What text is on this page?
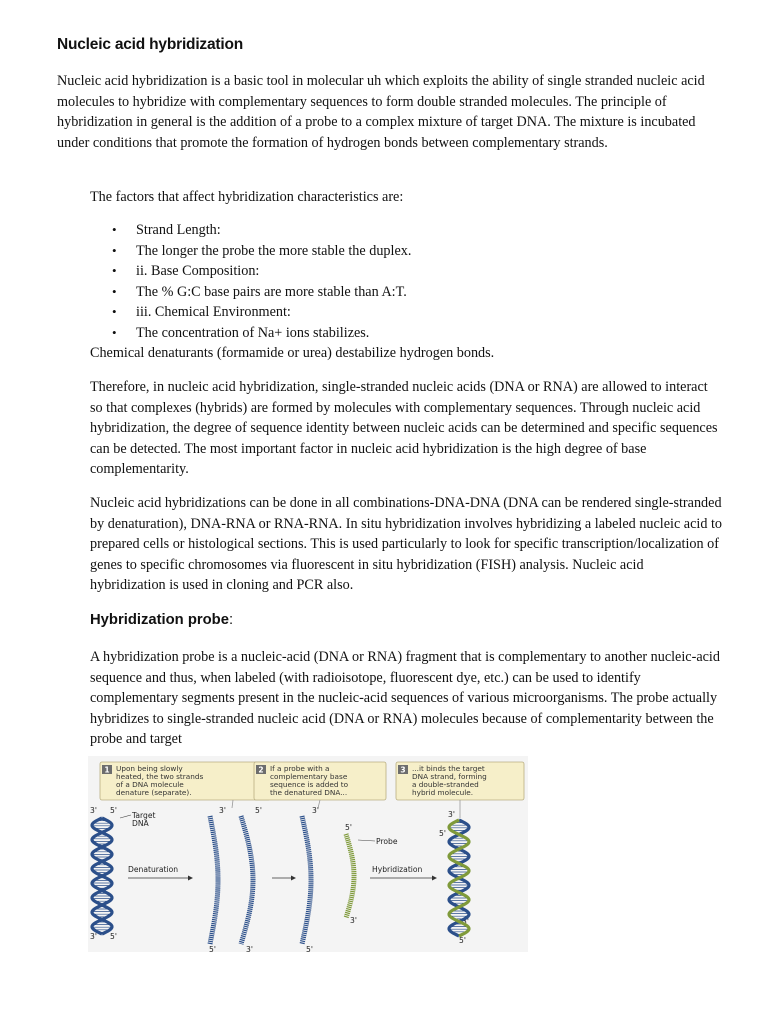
Nucleic acid hybridization

Nucleic acid hybridization is a basic tool in molecular uh which exploits the ability of single stranded nucleic acid molecules to hybridize with complementary sequences to form double stranded molecules. The principle of hybridization in general is the addition of a probe to a complex mixture of target DNA. The mixture is incubated under conditions that promote the formation of hydrogen bonds between complementary strands.

The factors that affect hybridization characteristics are:

• Strand Length:
• The longer the probe the more stable the duplex.
• ii. Base Composition:
• The % G:C base pairs are more stable than A:T.
• iii. Chemical Environment:
• The concentration of Na+ ions stabilizes.

Chemical denaturants (formamide or urea) destabilize hydrogen bonds.

Therefore, in nucleic acid hybridization, single-stranded nucleic acids (DNA or RNA) are allowed to interact so that complexes (hybrids) are formed by molecules with complementary sequences. Through nucleic acid hybridization, the degree of sequence identity between nucleic acids can be determined and specific sequences can be detected. The most important factor in nucleic acid hybridization is the high degree of base complementarity.

Nucleic acid hybridizations can be done in all combinations-DNA-DNA (DNA can be rendered single-stranded by denaturation), DNA-RNA or RNA-RNA. In situ hybridization involves hybridizing a labeled nucleic acid to prepared cells or histological sections. This is used particularly to look for specific transcription/localization of genes to specific chromosomes via fluorescent in situ hybridization (FISH) analysis. Nucleic acid hybridization is used in cloning and PCR also.

Hybridization probe:

A hybridization probe is a nucleic-acid (DNA or RNA) fragment that is complementary to another nucleic-acid sequence and thus, when labeled (with radioisotope, fluorescent dye, etc.) can be used to identify complementary segments present in the nucleic-acid sequences of various microorganisms. The probe actually hybridizes to single-stranded nucleic acid (DNA or RNA) molecules because of complementarity between the probe and target

1 Upon being slowly
heated, the two strands
of a DNA molecule
denature (separate).
2 If a probe with a
complementary base
sequence is added to
the denatured DNA...
3 ...it binds the target
DNA strand, forming
a double-stranded
hybrid molecule.
3' 5'
Target
DNA
3' 5'
Denaturation
3'	5'
5'	3'
3'
5'
5'
3'
Probe
Hybridization
5'
3'
3'
5'
